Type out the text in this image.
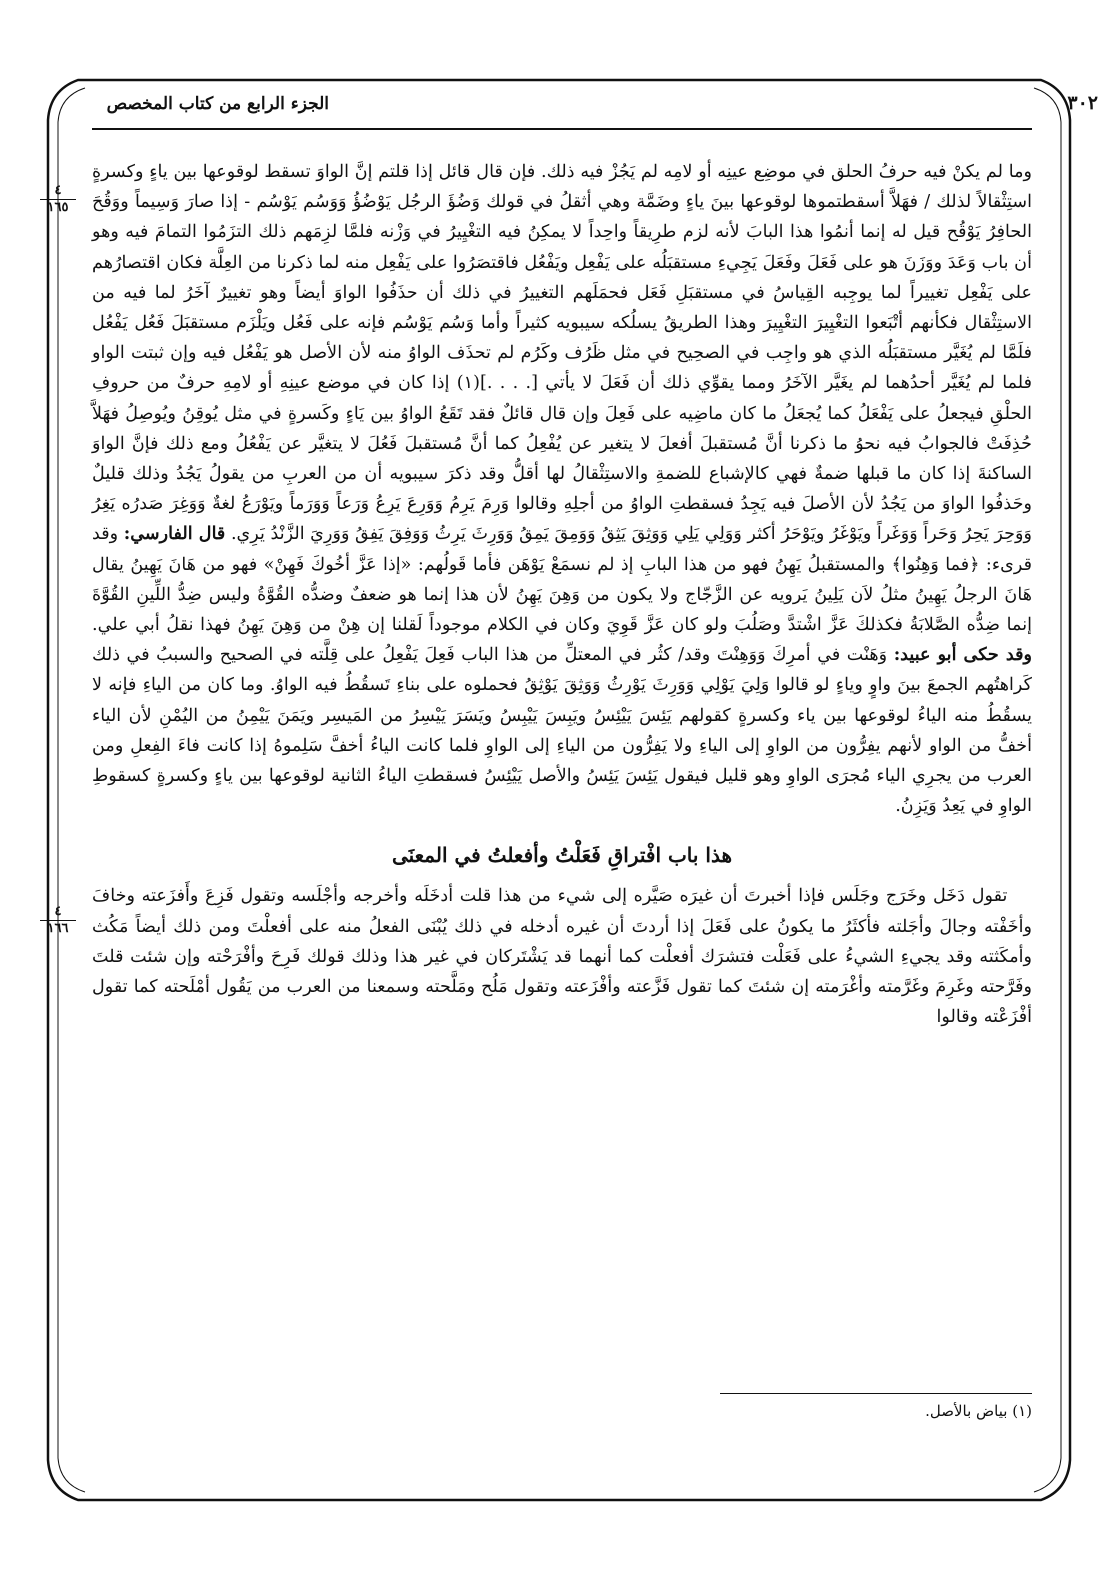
٣٠٢
الجزء الرابع من كتاب المخصص
٤
١٦٥
٤
١٦٦

وما لم يكنْ فيه حرفُ الحلق في موضِع عينِه أو لامِه لم يَجُزْ فيه ذلك. فإن قال قائل إذا قلتم إنَّ الواوَ تسقط لوقوعها بين ياءٍ وكسرةٍ استِثْقالاً لذلك / فهَلاَّ أسقطتموها لوقوعها بينَ ياءٍ وضَمَّة وهي أثقلُ في قولك وَضُؤَ الرجُل يَوْضُؤُ وَوَسُم يَوْسُم - إذا صارَ وَسِيماً ووَقُحَ الحافِرُ يَوْقُح قيل له إنما أنمُوا هذا البابَ لأنه لزم طرِيقاً واحِداً لا يمكِنُ فيه التغْيِيرُ في وَزْنه فلمَّا لزِمَهم ذلك التزَمُوا التمامَ فيه وهو أن باب وَعَدَ ووَزَنَ هو على فَعَلَ وفَعَلَ يَجِيءِ مستقبَلُه على يَفْعِل ويَفْعُل فاقتصَرُوا على يَفْعِل منه لما ذكرنا من العِلَّة فكان اقتصارُهم على يَفْعِل تغييراً لما يوجِبه القِياسُ في مستقبَلِ فَعَل فحمَلَهم التغييرُ في ذلك أن حذَفُوا الواوَ أيضاً وهو تغييرٌ آخَرُ لما فيه من الاستِثْقال فكأنهم أتْبَعوا التغْيِيرَ التغْيِيرَ وهذا الطريقُ يسلُكه سيبويه كثيراً وأما وَسُم يَوْسُم فإنه على فَعُل ويَلْزَم مستقبَلَ فَعُل يَفْعُل فلَمَّا لم يُغَيَّر مستقبَلُه الذي هو واجِب في الصحِيح في مثل ظَرُف وكَرُم لم تحذَف الواوُ منه لأن الأصل هو يَفْعُل فيه وإن ثبتت الواو فلما لم يُغَيَّر أحدُهما لم يغَيَّر الآخَرُ ومما يقوِّي ذلك أن فَعَلَ لا يأتي [. . . .](١) إذا كان في موضع عينِهِ أو لامِهِ حرفٌ من حروفِ الحلْقِ فيجعلُ على يَفْعَلُ كما يُجعَلُ ما كان ماضِيه على فَعِلَ وإن قال قائلٌ فقد تَقَعُ الواوُ بين يَاءٍ وكَسرةٍ في مثل يُوقِنُ ويُوصِلُ فهَلاَّ حُذِفَتْ فالجوابُ فيه نحوُ ما ذكرنا أنَّ مُستقبلَ أفعلَ لا يتغير عن يُفْعِلُ كما أنَّ مُستقبلَ فَعُلَ لا يتغيَّر عن يَفْعُلُ ومع ذلك فإنَّ الواوَ الساكنةَ إذا كان ما قبلها ضمةٌ فهي كالإشباع للضمةِ والاستِثْقالُ لها أقلُّ وقد ذكرَ سيبويه أن من العربِ من يقولُ يَجُدُ وذلك قليلٌ وحَذفُوا الواوَ من يَجُدُ لأن الأصلَ فيه يَجِدُ فسقطتِ الواوُ من أجلِهِ وقالوا وَرِمَ يَرِمُ وَوَرِعَ يَرِعُ وَرَعاً وَوَرَماً ويَوْرَعُ لغةٌ وَوَغِرَ صَدرُه يَغِرُ وَوَحِرَ يَحِرُ وَحَراً وَوَغَراً ويَوْغَرُ ويَوْحَرُ أكثر وَوَلِي يَلِي وَوَثِقَ يَثِقُ وَوَمِقَ يَمِقُ وَوَرِثَ يَرِثُ وَوَفِقَ يَفِقُ وَوَرِيَ الزَّنْدُ يَرِي. قال الفارسي: وقد قرىء: ﴿فما وَهِنُوا﴾ والمستقبلُ يَهِنُ فهو من هذا البابِ إذ لم نسمَعْ يَوْهَن فأما قَولُهم: «إذا عَزَّ أخُوكَ فَهِنْ» فهو من هَانَ يَهِينُ يقال هَانَ الرجلُ يَهِينُ مثلُ لاَن يَلِينُ يَرويه عن الزَّجّاج ولا يكون من وَهِنَ يَهِنُ لأن هذا إنما هو ضعفٌ وضدُّه القُوَّةُ وليس ضِدُّ اللِّينِ القُوَّةَ إنما ضِدُّه الصَّلابَةُ فكذلكَ عَزَّ اشْتدَّ وصَلُبَ ولو كان عَزَّ قَوِيَ وكان في الكلام موجوداً لَقلنا إن هِنْ من وَهِنَ يَهِنُ فهذا نقلُ أبي علي. وقد حكى أبو عبيد: وَهَنْت في أمرِكَ وَوَهِنْتَ وقد/ كثُر في المعتلِّ من هذا الباب فَعِلَ يَفْعِلُ على قِلَّته في الصحيح والسببُ في ذلك كَراهتُهم الجمعَ بينَ واوٍ وياءٍ لو قالوا وَلِيَ يَوْلِي وَوَرِثَ يَوْرِثُ وَوَثِقَ يَوْثِقُ فحملوه على بناءِ تَسقُطُ فيه الواوُ. وما كان من الياءِ فإنه لا يسقُطُ منه الياءُ لوقوعها بين ياء وكسرةٍ كقولهم يَئِسَ يَيْئِسُ ويَبِسَ يَيْبِسُ ويَسَرَ يَيْسِرُ من المَيسِر ويَمَنَ يَيْمِنُ من اليُمْنِ لأن الياء أخفُّ من الواو لأنهم يفِرُّون من الواوِ إلى الياءِ ولا يَفِرُّون من الياءِ إلى الواوِ فلما كانت الياءُ أخفَّ سَلِموهُ إذا كانت فاءَ الفِعلِ ومن العرب من يجرِي الياء مُجرَى الواوِ وهو قليل فيقول يَئِسَ يَئِسُ والأصل يَيْئِسُ فسقطتِ الياءُ الثانية لوقوعها بين ياءٍ وكسرةٍ كسقوطِ الواوِ في يَعِدُ وَيَزِنُ.

هذا باب افْتراقِ فَعَلْتُ وأفعلتُ في المعنَى

تقول دَخَل وخَرَج وجَلَس فإذا أخبرتَ أن غيرَه صَيَّره إلى شيء من هذا قلت أدخَلَه وأخرجه وأجْلَسه وتقول فَزِعَ وأَفزَعته وخافَ وأخَفْته وجالَ وأجَلته فأكثَرُ ما يكونُ على فَعَلَ إذا أردتَ أن غيره أدخله في ذلك يُبْنَى الفعلُ منه على أفعلْتَ ومن ذلك أيضاً مَكُث وأمكَثته وقد يجيءِ الشيءُ على فَعَلْت فتشرَك أفعلْت كما أنهما قد يَشْتَركان في غير هذا وذلك قولك فَرِحَ وأفْرَحْته وإن شئت قلتَ وفَرَّحته وغَرِمَ وغَرَّمته وأغْرَمته إن شئتَ كما تقول فَزَّعته وأفْزَعته وتقول مَلُح ومَلَّحته وسمعنا من العرب من يَقُول أمْلَحته كما تقول أفْزَعْته وقالوا

(١) بياض بالأصل.
